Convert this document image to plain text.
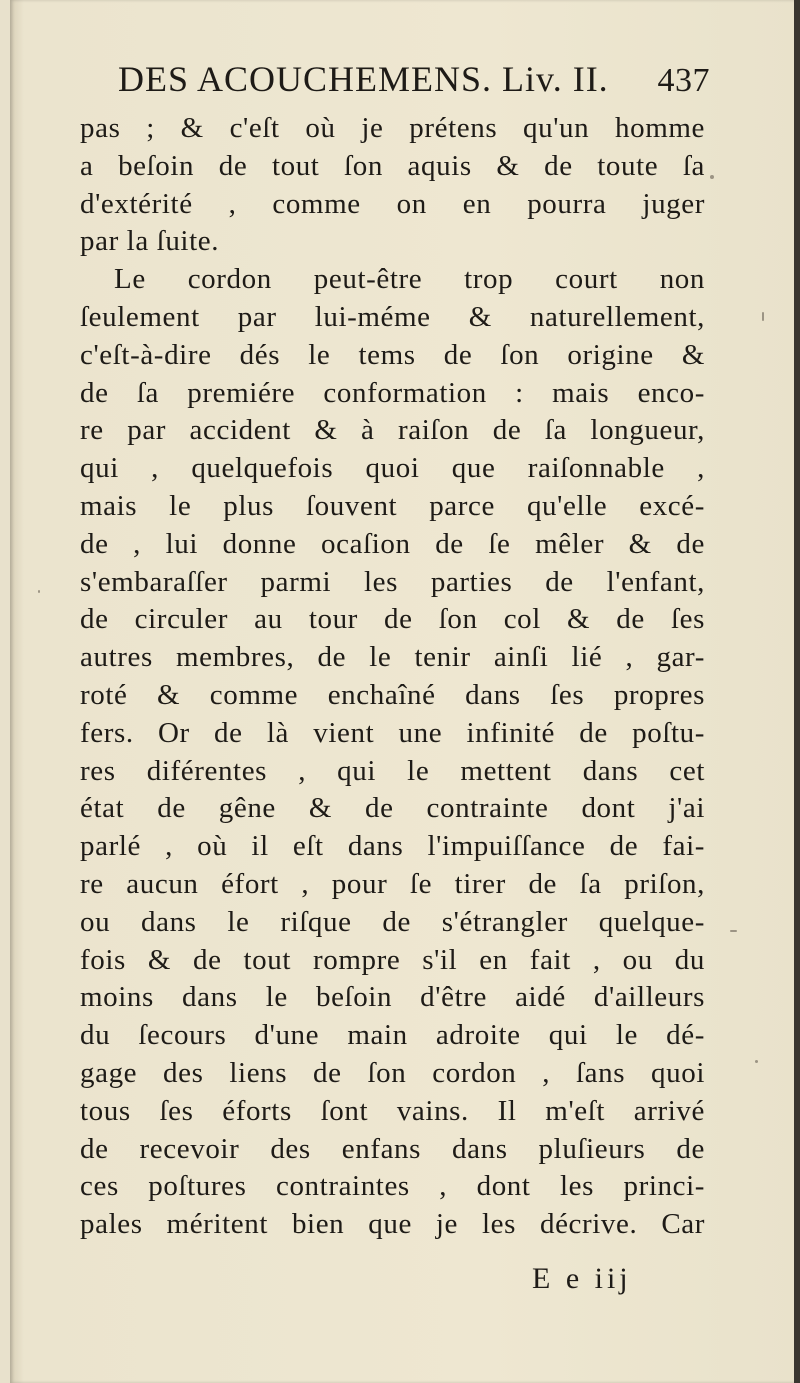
DES ACOUCHEMENS. Liv. II. 437
pas ; & c'eſt où je prétens qu'un homme
a beſoin de tout ſon aquis & de toute ſa
d'extérité , comme on en pourra juger
par la ſuite.
Le cordon peut-être trop court non
ſeulement par lui-méme & naturellement,
c'eſt-à-dire dés le tems de ſon origine &
de ſa premiére conformation : mais enco-
re par accident & à raiſon de ſa longueur,
qui , quelquefois quoi que raiſonnable ,
mais le plus ſouvent parce qu'elle excé-
de , lui donne ocaſion de ſe mêler & de
s'embaraſſer parmi les parties de l'enfant,
de circuler au tour de ſon col & de ſes
autres membres, de le tenir ainſi lié , gar-
roté & comme enchaîné dans ſes propres
fers. Or de là vient une infinité de poſtu-
res diférentes , qui le mettent dans cet
état de gêne & de contrainte dont j'ai
parlé , où il eſt dans l'impuiſſance de fai-
re aucun éfort , pour ſe tirer de ſa priſon,
ou dans le riſque de s'étrangler quelque-
fois & de tout rompre s'il en fait , ou du
moins dans le beſoin d'être aidé d'ailleurs
du ſecours d'une main adroite qui le dé-
gage des liens de ſon cordon , ſans quoi
tous ſes éforts ſont vains. Il m'eſt arrivé
de recevoir des enfans dans pluſieurs de
ces poſtures contraintes , dont les princi-
pales méritent bien que je les décrive. Car
E e iij
